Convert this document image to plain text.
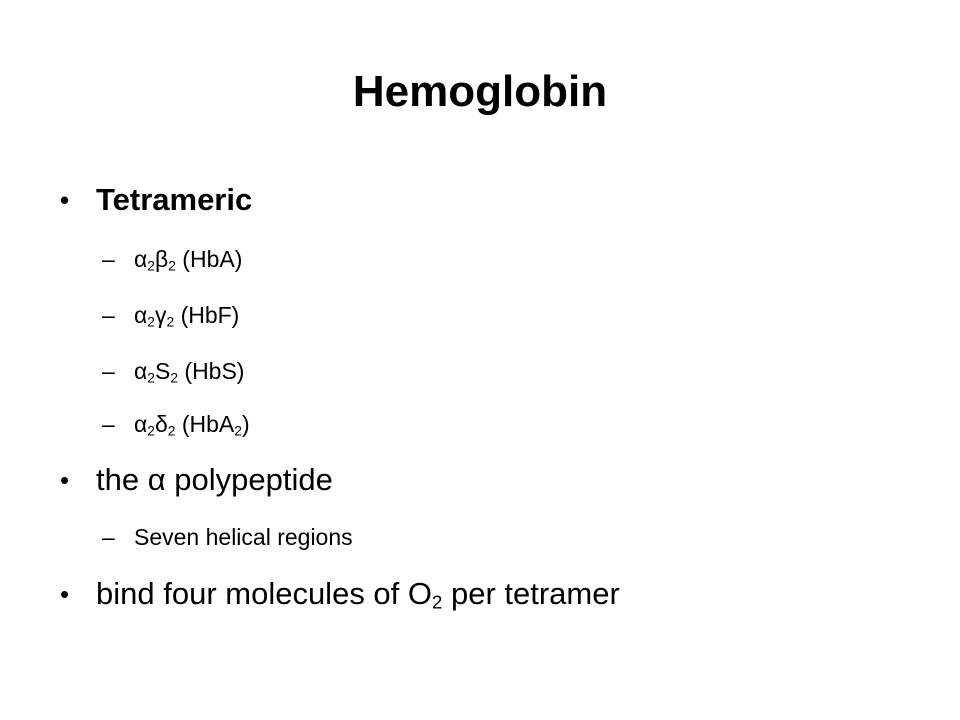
Hemoglobin
• Tetrameric
– $\alpha_2\beta_2$ (HbA)
– $\alpha_2\gamma_2$ (HbF)
– $\alpha_2S_2$ (HbS)
– $\alpha_2\delta_2$ (HbA$_2$)
• the α polypeptide
– Seven helical regions
• bind four molecules of $O_2$ per tetramer
